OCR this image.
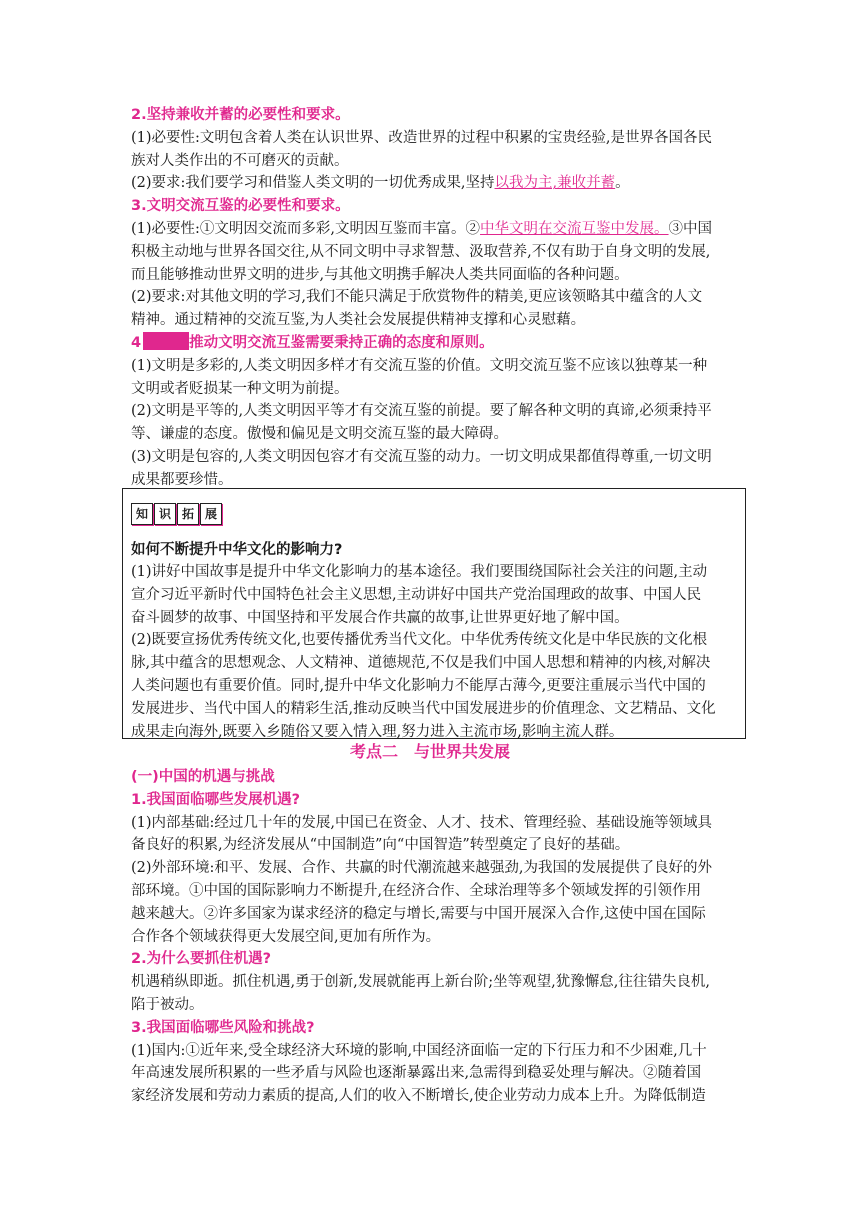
2.坚持兼收并蓄的必要性和要求。
(1)必要性:文明包含着人类在认识世界、改造世界的过程中积累的宝贵经验,是世界各国各民
族对人类作出的不可磨灭的贡献。
(2)要求:我们要学习和借鉴人类文明的一切优秀成果,坚持以我为主,兼收并蓄。
3.文明交流互鉴的必要性和要求。
(1)必要性:①文明因交流而多彩,文明因互鉴而丰富。②中华文明在交流互鉴中发展。③中国
积极主动地与世界各国交往,从不同文明中寻求智慧、汲取营养,不仅有助于自身文明的发展,
而且能够推动世界文明的进步,与其他文明携手解决人类共同面临的各种问题。
(2)要求:对其他文明的学习,我们不能只满足于欣赏物件的精美,更应该领略其中蕴含的人文
精神。通过精神的交流互鉴,为人类社会发展提供精神支撑和心灵慰藉。
4	推动文明交流互鉴需要秉持正确的态度和原则。
(1)文明是多彩的,人类文明因多样才有交流互鉴的价值。文明交流互鉴不应该以独尊某一种
文明或者贬损某一种文明为前提。
(2)文明是平等的,人类文明因平等才有交流互鉴的前提。要了解各种文明的真谛,必须秉持平
等、谦虚的态度。傲慢和偏见是文明交流互鉴的最大障碍。
(3)文明是包容的,人类文明因包容才有交流互鉴的动力。一切文明成果都值得尊重,一切文明
成果都要珍惜。
知 识 拓 展
如何不断提升中华文化的影响力?
(1)讲好中国故事是提升中华文化影响力的基本途径。我们要围绕国际社会关注的问题,主动
宣介习近平新时代中国特色社会主义思想,主动讲好中国共产党治国理政的故事、中国人民
奋斗圆梦的故事、中国坚持和平发展合作共赢的故事,让世界更好地了解中国。
(2)既要宣扬优秀传统文化,也要传播优秀当代文化。中华优秀传统文化是中华民族的文化根
脉,其中蕴含的思想观念、人文精神、道德规范,不仅是我们中国人思想和精神的内核,对解决
人类问题也有重要价值。同时,提升中华文化影响力不能厚古薄今,更要注重展示当代中国的
发展进步、当代中国人的精彩生活,推动反映当代中国发展进步的价值理念、文艺精品、文化
成果走向海外,既要入乡随俗又要入情入理,努力进入主流市场,影响主流人群。
考点二　与世界共发展
(一)中国的机遇与挑战
1.我国面临哪些发展机遇?
(1)内部基础:经过几十年的发展,中国已在资金、人才、技术、管理经验、基础设施等领域具
备良好的积累,为经济发展从“中国制造”向“中国智造”转型奠定了良好的基础。
(2)外部环境:和平、发展、合作、共赢的时代潮流越来越强劲,为我国的发展提供了良好的外
部环境。①中国的国际影响力不断提升,在经济合作、全球治理等多个领域发挥的引领作用
越来越大。②许多国家为谋求经济的稳定与增长,需要与中国开展深入合作,这使中国在国际
合作各个领域获得更大发展空间,更加有所作为。
2.为什么要抓住机遇?
机遇稍纵即逝。抓住机遇,勇于创新,发展就能再上新台阶;坐等观望,犹豫懈怠,往往错失良机,
陷于被动。
3.我国面临哪些风险和挑战?
(1)国内:①近年来,受全球经济大环境的影响,中国经济面临一定的下行压力和不少困难,几十
年高速发展所积累的一些矛盾与风险也逐渐暴露出来,急需得到稳妥处理与解决。②随着国
家经济发展和劳动力素质的提高,人们的收入不断增长,使企业劳动力成本上升。为降低制造
